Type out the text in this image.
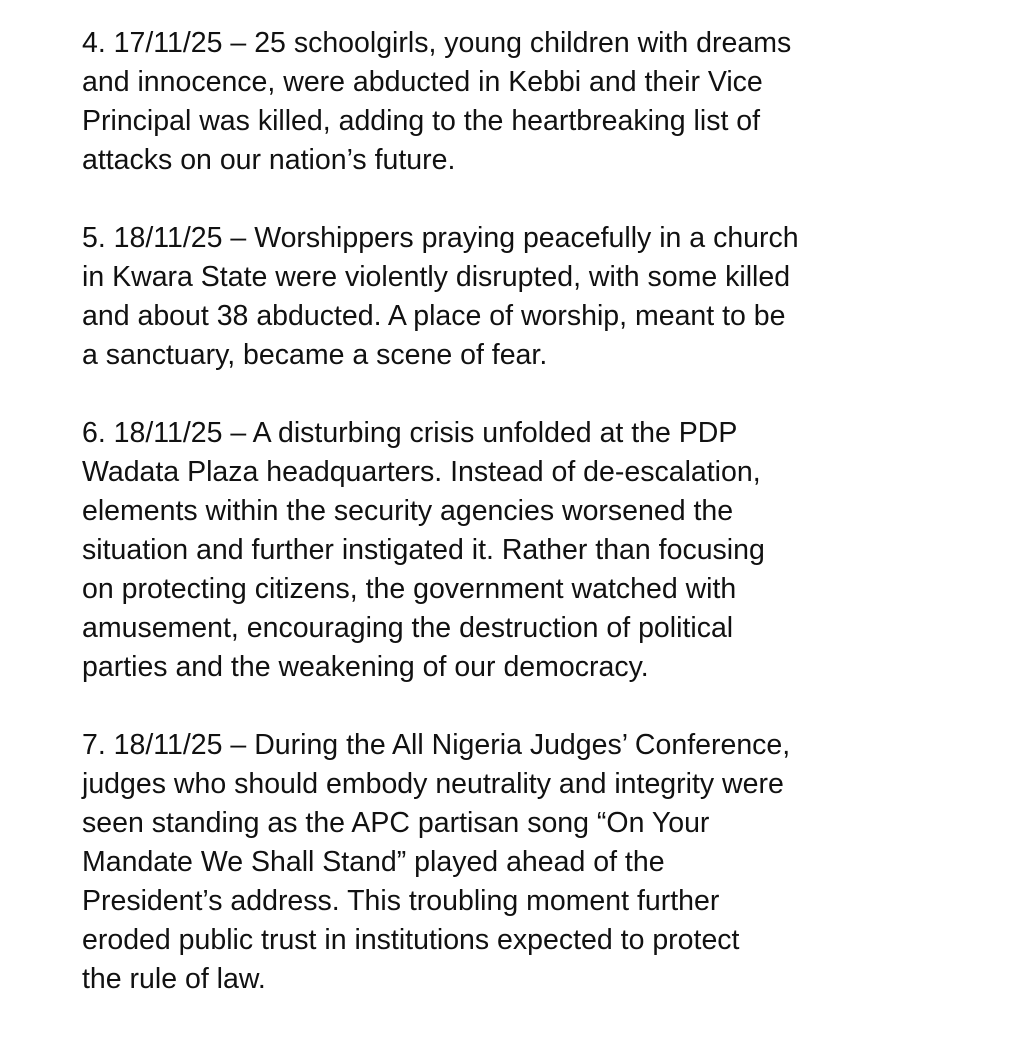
4. 17/11/25 – 25 schoolgirls, young children with dreams
and innocence, were abducted in Kebbi and their Vice
Principal was killed, adding to the heartbreaking list of
attacks on our nation’s future.
5. 18/11/25 – Worshippers praying peacefully in a church
in Kwara State were violently disrupted, with some killed
and about 38 abducted. A place of worship, meant to be
a sanctuary, became a scene of fear.
6. 18/11/25 – A disturbing crisis unfolded at the PDP
Wadata Plaza headquarters. Instead of de-escalation,
elements within the security agencies worsened the
situation and further instigated it. Rather than focusing
on protecting citizens, the government watched with
amusement, encouraging the destruction of political
parties and the weakening of our democracy.
7. 18/11/25 – During the All Nigeria Judges’ Conference,
judges who should embody neutrality and integrity were
seen standing as the APC partisan song “On Your
Mandate We Shall Stand” played ahead of the
President’s address. This troubling moment further
eroded public trust in institutions expected to protect
the rule of law.
